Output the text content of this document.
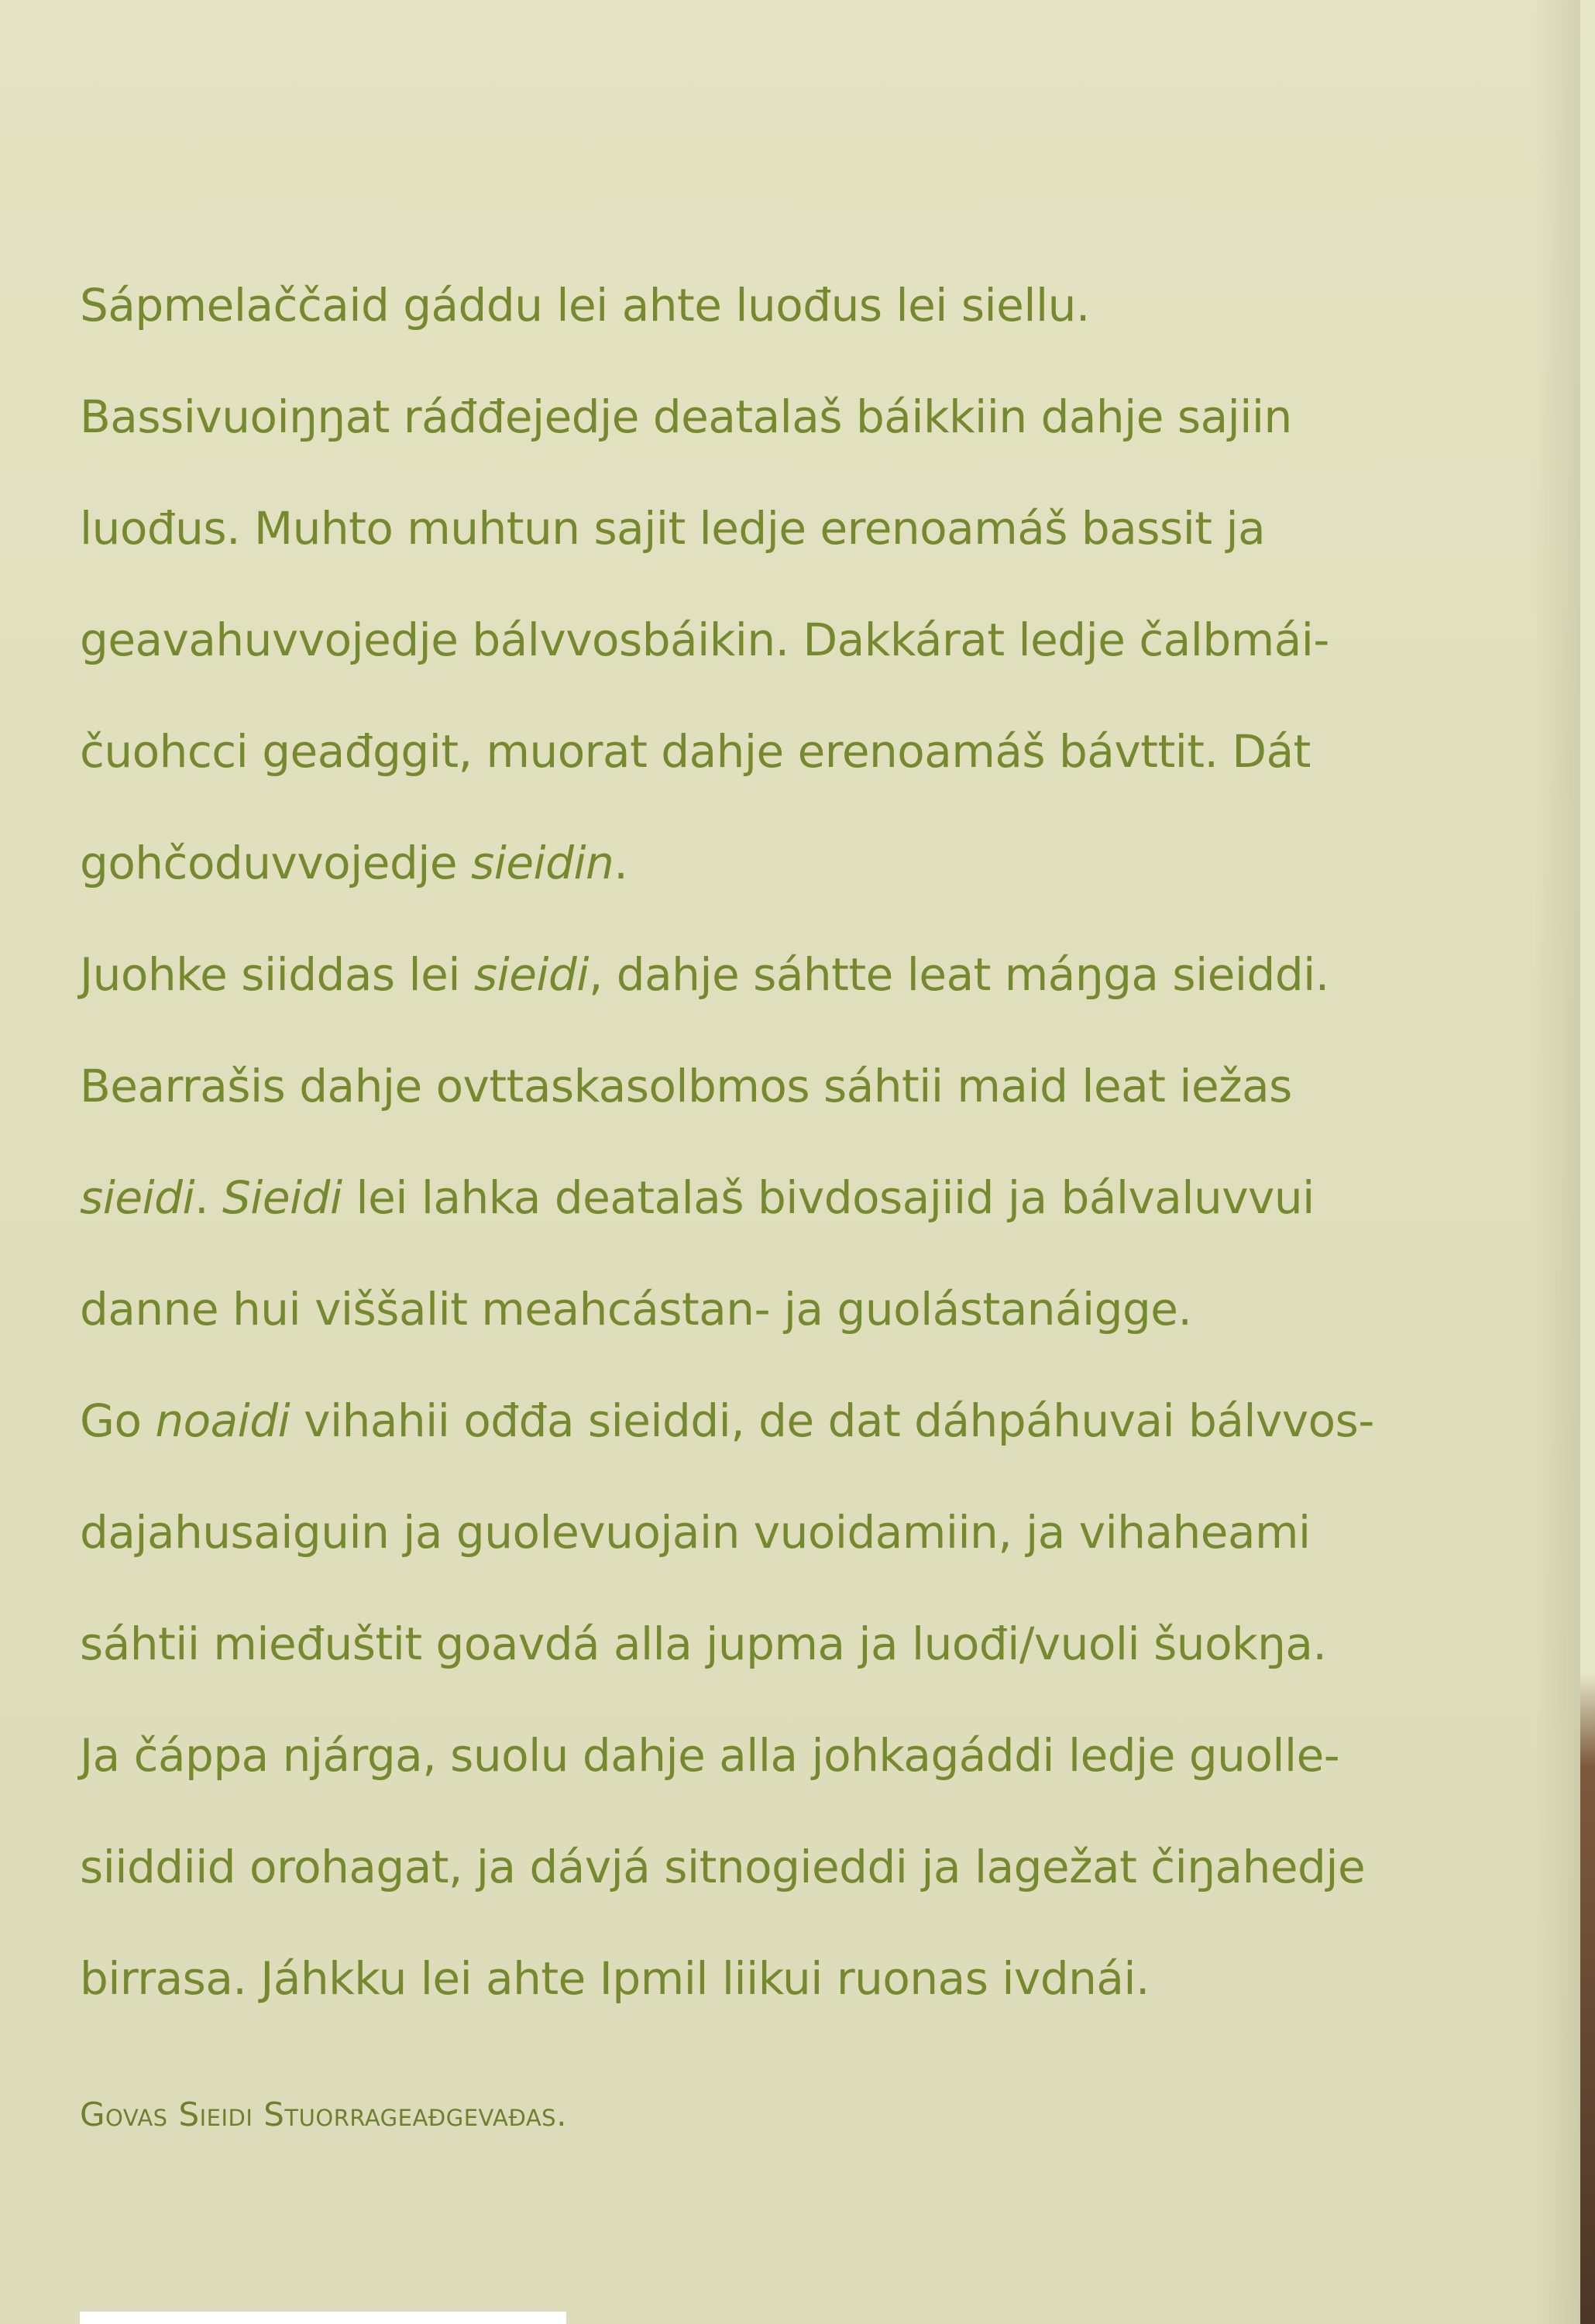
Sápmelaččaid gáddu lei ahte luođus lei siellu.
Bassivuoiŋŋat ráđđejedje deatalaš báikkiin dahje sajiin
luođus. Muhto muhtun sajit ledje erenoamáš bassit ja
geavahuvvojedje bálvvosbáikin. Dakkárat ledje čalbmái-
čuohcci geađggit, muorat dahje erenoamáš bávttit. Dát
gohčoduvvojedje sieidin.
Juohke siiddas lei sieidi, dahje sáhtte leat máŋga sieiddi.
Bearrašis dahje ovttaskasolbmos sáhtii maid leat iežas
sieidi. Sieidi lei lahka deatalaš bivdosajiid ja bálvaluvvui
danne hui viššalit meahcástan- ja guolástanáigge.
Go noaidi vihahii ođđa sieiddi, de dat dáhpáhuvai bálvvos-
dajahusaiguin ja guolevuojain vuoidamiin, ja vihaheami
sáhtii mieđuštit goavdá alla jupma ja luođi/vuoli šuokŋa.
Ja čáppa njárga, suolu dahje alla johkagáddi ledje guolle-
siiddiid orohagat, ja dávjá sitnogieddi ja lagežat čiŋahedje
birrasa. Jáhkku lei ahte Ipmil liikui ruonas ivdnái.
Govas Sieidi Stuorrageađgevađas.
